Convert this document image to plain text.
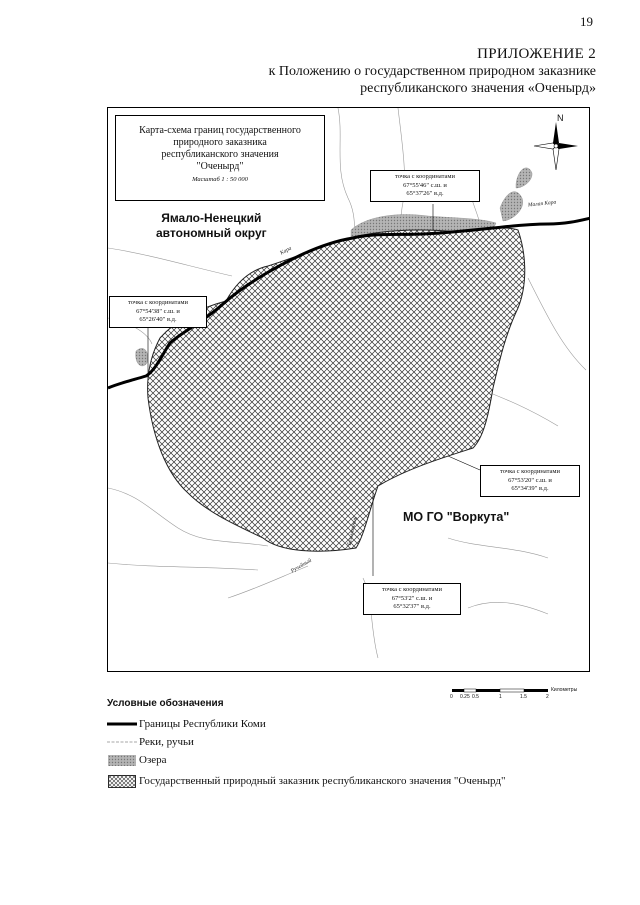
19
ПРИЛОЖЕНИЕ 2
к Положению о государственном природном заказнике
республиканского значения «Оченырд»
Карта-схема границ государственного
природного заказника
республиканского значения
"Оченырд"
Масштаб 1 : 50 000
N
Ямало-Ненецкий
автономный округ
МО ГО "Воркута"
Кара
Малая Кара
Ручейный
Безымянный
точка с координатами
67°55'46" с.ш. и
65°37'26" в.д.
точка с координатами
67°54'38" с.ш. и
65°26'40" в.д.
точка с координатами
67°53'20" с.ш. и
65°34'39" в.д.
точка с координатами
67°53'2" с.ш. и
65°32'37" в.д.
0 0.25 0.5	1	1.5	2
Километры
Условные обозначения
Границы Республики Коми
Реки, ручьи
Озера
Государственный природный заказник республиканского значения "Оченырд"
